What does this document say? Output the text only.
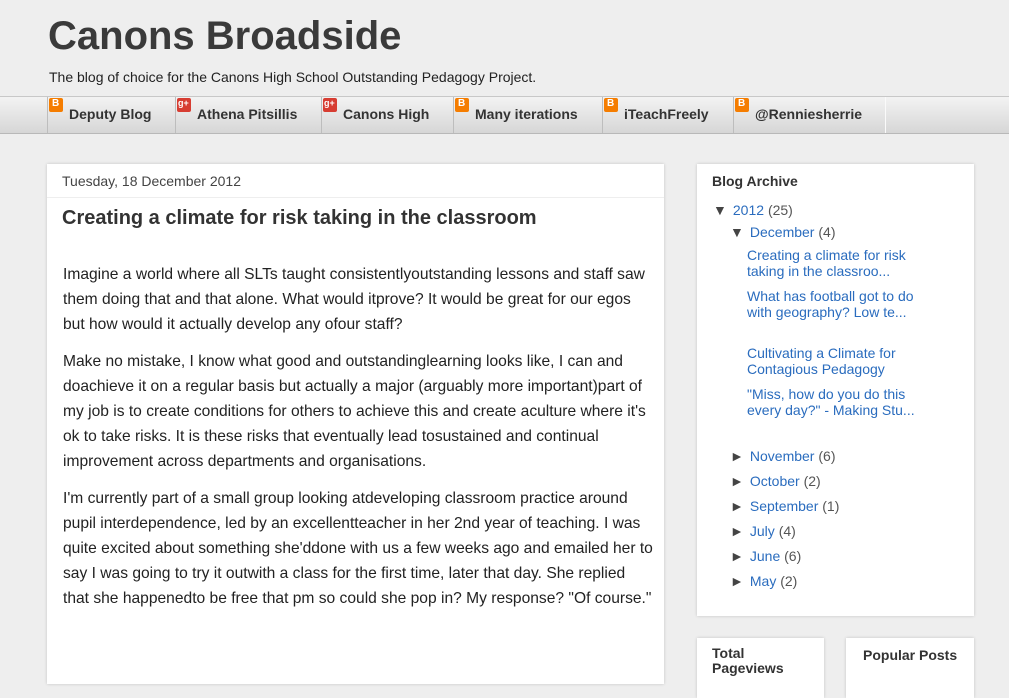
Canons Broadside
The blog of choice for the Canons High School Outstanding Pedagogy Project.
B
Deputy Blog
g+	Athena Pitsillis
g+	Canons High
B	Many iterations
B	iTeachFreely
B	@Renniesherrie
Tuesday, 18 December 2012
Creating a climate for risk taking in the classroom

Imagine a world where all SLTs taught consistentlyoutstanding lessons and staff saw them doing that and that alone. What would itprove? It would be great for our egos but how would it actually develop any ofour staff?

Make no mistake, I know what good and outstandinglearning looks like, I can and doachieve it on a regular basis but actually a major (arguably more important)part of my job is to create conditions for others to achieve this and create aculture where it's ok to take risks. It is these risks that eventually lead tosustained and continual improvement across departments and organisations.

I'm currently part of a small group looking atdeveloping classroom practice around pupil interdependence, led by an excellentteacher in her 2nd year of teaching. I was quite excited about something she'ddone with us a few weeks ago and emailed her to say I was going to try it outwith a class for the first time, later that day. She replied that she happenedto be free that pm so could she pop in? My response? "Of course."

Blog Archive
▼ 2012 (25)
▼ December (4)
Creating a climate for risk taking in the classroo...
What has football got to do with geography? Low te...
Cultivating a Climate for Contagious Pedagogy
"Miss, how do you do this every day?" - Making Stu...
► November (6)
► October (2)
► September (1)
► July (4)
► June (6)
► May (2)
Total Pageviews
Popular Posts
